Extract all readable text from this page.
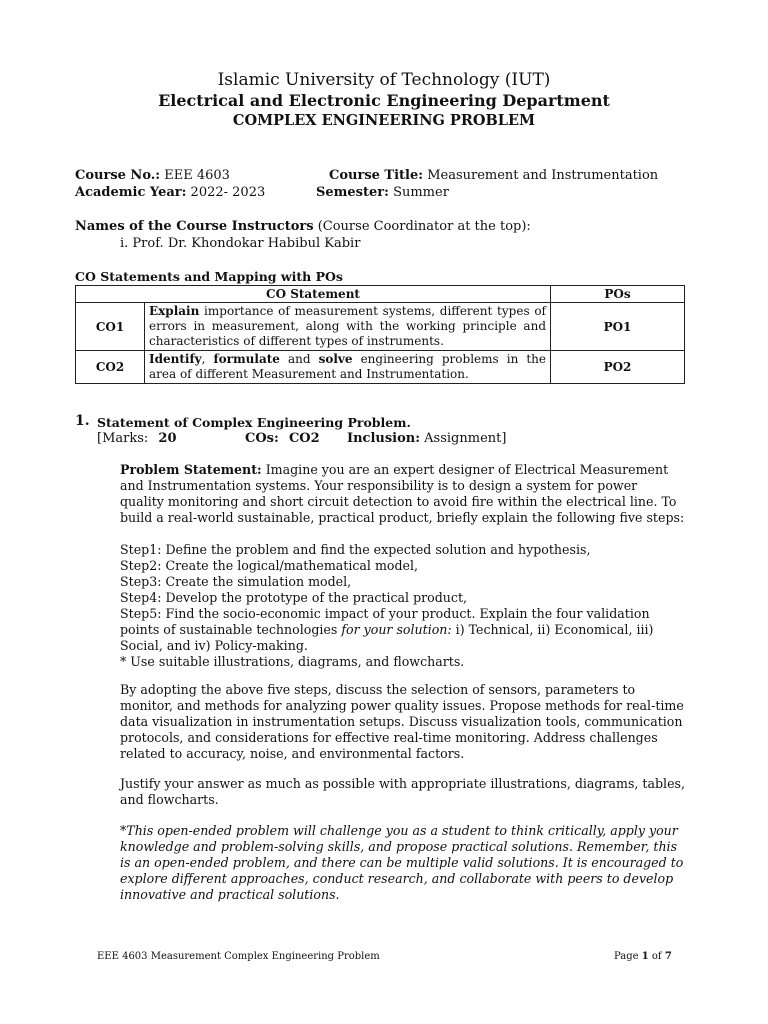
Islamic University of Technology (IUT)
Electrical and Electronic Engineering Department
COMPLEX ENGINEERING PROBLEM
Course No.: EEE 4603	Course Title: Measurement and Instrumentation
Academic Year: 2022- 2023	Semester: Summer
Names of the Course Instructors (Course Coordinator at the top):
i. Prof. Dr. Khondokar Habibul Kabir
CO Statements and Mapping with POs
CO Statement		POs
CO1	Explain importance of measurement systems, different types of errors in measurement, along with the working principle and characteristics of different types of instruments.	PO1
CO2	Identify, formulate and solve engineering problems in the area of different Measurement and Instrumentation.	PO2
1. Statement of Complex Engineering Problem.
[Marks: 20	COs: CO2 Inclusion: Assignment]

Problem Statement: Imagine you are an expert designer of Electrical Measurement and Instrumentation systems. Your responsibility is to design a system for power quality monitoring and short circuit detection to avoid fire within the electrical line. To build a real-world sustainable, practical product, briefly explain the following five steps:

Step1: Define the problem and find the expected solution and hypothesis,

Step2: Create the logical/mathematical model,

Step3: Create the simulation model,

Step4: Develop the prototype of the practical product,

Step5: Find the socio-economic impact of your product. Explain the four validation points of sustainable technologies for your solution: i) Technical, ii) Economical, iii) Social, and iv) Policy-making.

* Use suitable illustrations, diagrams, and flowcharts.

By adopting the above five steps, discuss the selection of sensors, parameters to monitor, and methods for analyzing power quality issues. Propose methods for real-time data visualization in instrumentation setups. Discuss visualization tools, communication protocols, and considerations for effective real-time monitoring. Address challenges related to accuracy, noise, and environmental factors.

Justify your answer as much as possible with appropriate illustrations, diagrams, tables, and flowcharts.

*This open-ended problem will challenge you as a student to think critically, apply your knowledge and problem-solving skills, and propose practical solutions. Remember, this is an open-ended problem, and there can be multiple valid solutions. It is encouraged to explore different approaches, conduct research, and collaborate with peers to develop innovative and practical solutions.

EEE 4603 Measurement Complex Engineering Problem	Page 1 of 7
